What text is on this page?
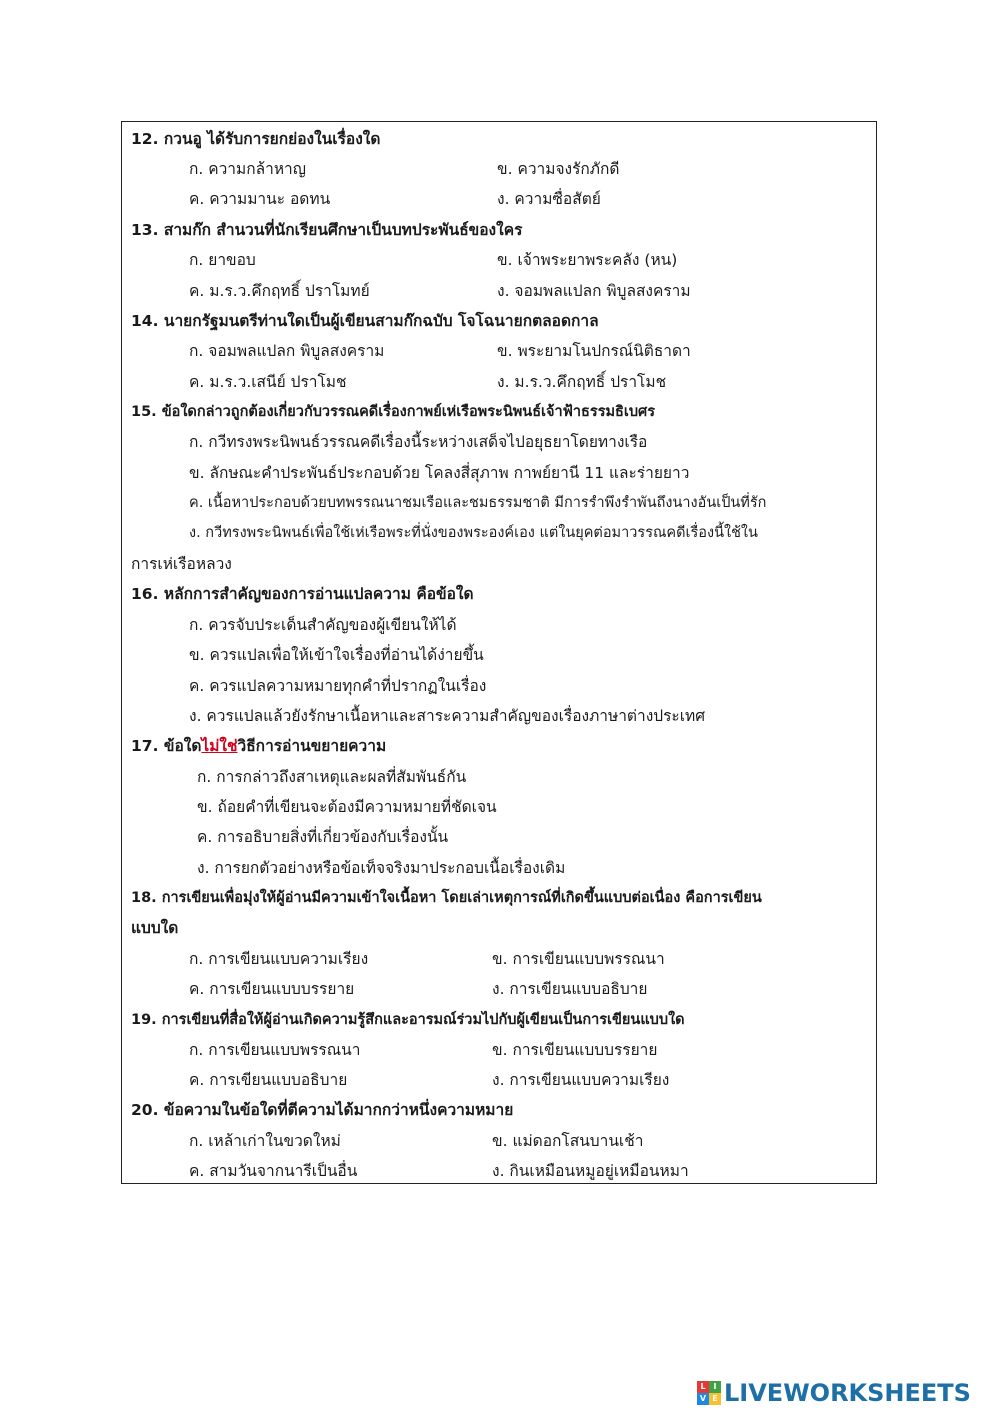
12. กวนอู ได้รับการยกย่องในเรื่องใด
ก. ความกล้าหาญ	ข. ความจงรักภักดี
ค. ความมานะ อดทน	ง. ความซื่อสัตย์
13. สามก๊ก สำนวนที่นักเรียนศึกษาเป็นบทประพันธ์ของใคร
ก. ยาขอบ	ข. เจ้าพระยาพระคลัง (หน)
ค. ม.ร.ว.คึกฤทธิ์ ปราโมทย์	ง. จอมพลแปลก พิบูลสงคราม
14. นายกรัฐมนตรีท่านใดเป็นผู้เขียนสามก๊กฉบับ โจโฉนายกตลอดกาล
ก. จอมพลแปลก พิบูลสงคราม	ข. พระยามโนปกรณ์นิติธาดา
ค. ม.ร.ว.เสนีย์ ปราโมช	ง. ม.ร.ว.คึกฤทธิ์ ปราโมช
15. ข้อใดกล่าวถูกต้องเกี่ยวกับวรรณคดีเรื่องกาพย์เห่เรือพระนิพนธ์เจ้าฟ้าธรรมธิเบศร
ก. กวีทรงพระนิพนธ์วรรณคดีเรื่องนี้ระหว่างเสด็จไปอยุธยาโดยทางเรือ
ข. ลักษณะคำประพันธ์ประกอบด้วย โคลงสี่สุภาพ กาพย์ยานี 11 และร่ายยาว
ค. เนื้อหาประกอบด้วยบทพรรณนาชมเรือและชมธรรมชาติ มีการรำพึงรำพันถึงนางอันเป็นที่รัก
ง. กวีทรงพระนิพนธ์เพื่อใช้เห่เรือพระที่นั่งของพระองค์เอง แต่ในยุคต่อมาวรรณคดีเรื่องนี้ใช้ใน
การเห่เรือหลวง
16. หลักการสำคัญของการอ่านแปลความ คือข้อใด
ก. ควรจับประเด็นสำคัญของผู้เขียนให้ได้
ข. ควรแปลเพื่อให้เข้าใจเรื่องที่อ่านได้ง่ายขึ้น
ค. ควรแปลความหมายทุกคำที่ปรากฏในเรื่อง
ง. ควรแปลแล้วยังรักษาเนื้อหาและสาระความสำคัญของเรื่องภาษาต่างประเทศ
17. ข้อใดไม่ใช่วิธีการอ่านขยายความ
ก. การกล่าวถึงสาเหตุและผลที่สัมพันธ์กัน
ข. ถ้อยคำที่เขียนจะต้องมีความหมายที่ชัดเจน
ค. การอธิบายสิ่งที่เกี่ยวข้องกับเรื่องนั้น
ง. การยกตัวอย่างหรือข้อเท็จจริงมาประกอบเนื้อเรื่องเดิม
18. การเขียนเพื่อมุ่งให้ผู้อ่านมีความเข้าใจเนื้อหา โดยเล่าเหตุการณ์ที่เกิดขึ้นแบบต่อเนื่อง คือการเขียน
แบบใด
ก. การเขียนแบบความเรียง	ข. การเขียนแบบพรรณนา
ค. การเขียนแบบบรรยาย	ง. การเขียนแบบอธิบาย
19. การเขียนที่สื่อให้ผู้อ่านเกิดความรู้สึกและอารมณ์ร่วมไปกับผู้เขียนเป็นการเขียนแบบใด
ก. การเขียนแบบพรรณนา	ข. การเขียนแบบบรรยาย
ค. การเขียนแบบอธิบาย	ง. การเขียนแบบความเรียง
20. ข้อความในข้อใดที่ตีความได้มากกว่าหนึ่งความหมาย
ก. เหล้าเก่าในขวดใหม่	ข. แม่ดอกโสนบานเช้า
ค. สามวันจากนารีเป็นอื่น	ง. กินเหมือนหมูอยู่เหมือนหมา
L I
V E LIVEWORKSHEETS
